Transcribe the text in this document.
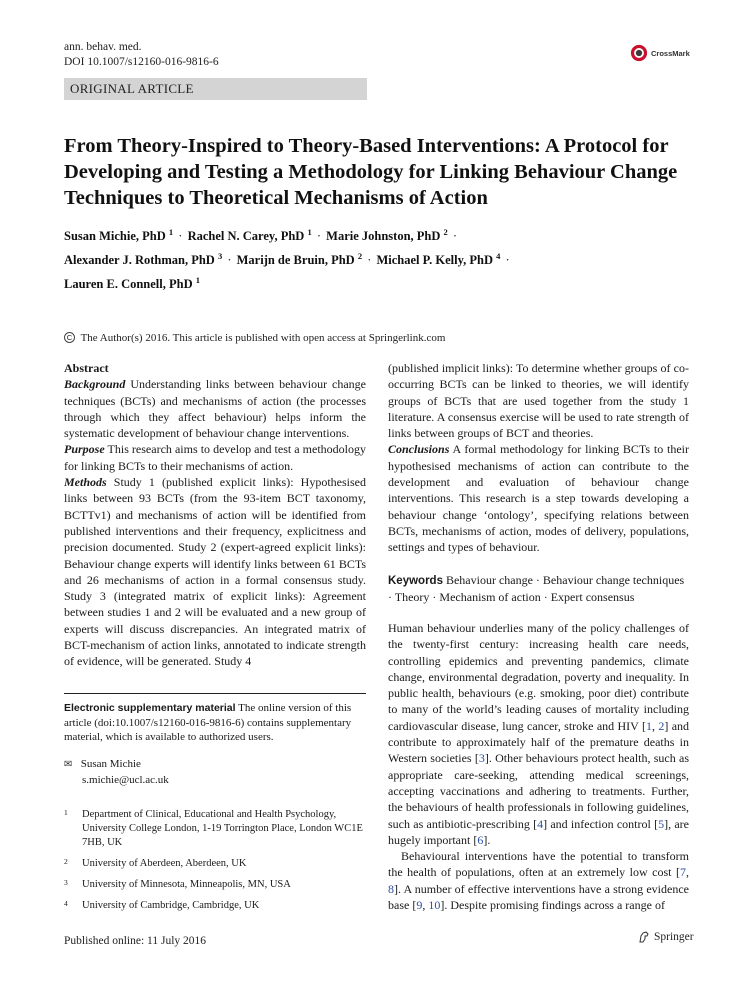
ann. behav. med.
DOI 10.1007/s12160-016-9816-6
CrossMark
ORIGINAL ARTICLE
From Theory-Inspired to Theory-Based Interventions: A Protocol for Developing and Testing a Methodology for Linking Behaviour Change Techniques to Theoretical Mechanisms of Action
Susan Michie, PhD $^1$ · Rachel N. Carey, PhD $^1$ · Marie Johnston, PhD $^2$ ·
Alexander J. Rothman, PhD $^3$ · Marijn de Bruin, PhD $^2$ · Michael P. Kelly, PhD $^4$ ·
Lauren E. Connell, PhD $^1$
C The Author(s) 2016. This article is published with open access at Springerlink.com

Abstract

Background Understanding links between behaviour change techniques (BCTs) and mechanisms of action (the processes through which they affect behaviour) helps inform the systematic development of behaviour change interventions.

Purpose This research aims to develop and test a methodology for linking BCTs to their mechanisms of action.

Methods Study 1 (published explicit links): Hypothesised links between 93 BCTs (from the 93-item BCT taxonomy, BCTTv1) and mechanisms of action will be identified from published interventions and their frequency, explicitness and precision documented. Study 2 (expert-agreed explicit links): Behaviour change experts will identify links between 61 BCTs and 26 mechanisms of action in a formal consensus study. Study 3 (integrated matrix of explicit links): Agreement between studies 1 and 2 will be evaluated and a new group of experts will discuss discrepancies. An integrated matrix of BCT-mechanism of action links, annotated to indicate strength of evidence, will be generated. Study 4

(published implicit links): To determine whether groups of co-occurring BCTs can be linked to theories, we will identify groups of BCTs that are used together from the study 1 literature. A consensus exercise will be used to rate strength of links between groups of BCT and theories.

Conclusions A formal methodology for linking BCTs to their hypothesised mechanisms of action can contribute to the development and evaluation of behaviour change interventions. This research is a step towards developing a behaviour change ‘ontology’, specifying relations between BCTs, mechanisms of action, modes of delivery, populations, settings and types of behaviour.

Keywords Behaviour change · Behaviour change techniques · Theory · Mechanism of action · Expert consensus

Human behaviour underlies many of the policy challenges of the twenty-first century: increasing health care needs, controlling epidemics and preventing pandemics, climate change, environmental degradation, poverty and inequality. In public health, behaviours (e.g. smoking, poor diet) contribute to many of the world’s leading causes of mortality including cardiovascular disease, lung cancer, stroke and HIV [1, 2] and contribute to approximately half of the premature deaths in Western societies [3]. Other behaviours protect health, such as appropriate care-seeking, attending medical screenings, accepting vaccinations and adhering to treatments. Further, the behaviours of health professionals in following guidelines, such as antibiotic-prescribing [4] and infection control [5], are hugely important [6].

Behavioural interventions have the potential to transform the health of populations, often at an extremely low cost [7, 8]. A number of effective interventions have a strong evidence base [9, 10]. Despite promising findings across a range of

Electronic supplementary material The online version of this article (doi:10.1007/s12160-016-9816-6) contains supplementary material, which is available to authorized users.
✉ Susan Michie
s.michie@ucl.ac.uk
1	Department of Clinical, Educational and Health Psychology, University College London, 1-19 Torrington Place, London WC1E 7HB, UK
2	University of Aberdeen, Aberdeen, UK
3	University of Minnesota, Minneapolis, MN, USA
4	University of Cambridge, Cambridge, UK
Published online: 11 July 2016	Springer
